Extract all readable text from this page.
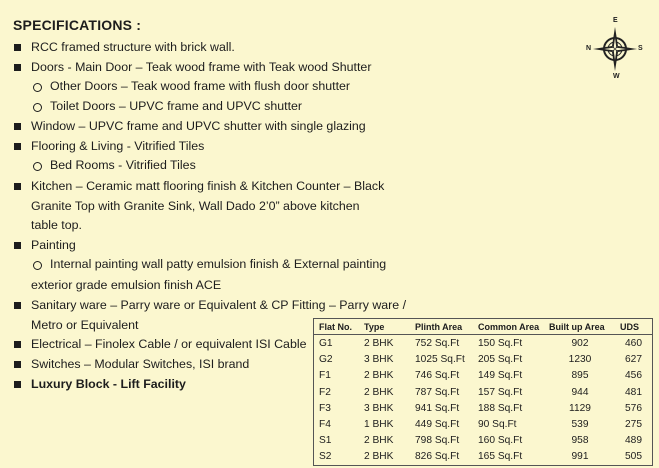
SPECIFICATIONS :	E
S
W
N
RCC framed structure with brick wall.
Doors - Main Door – Teak wood frame with Teak wood Shutter
Other Doors – Teak wood frame with flush door shutter
Toilet Doors – UPVC frame and UPVC shutter
Window – UPVC frame and UPVC shutter with single glazing
Flooring & Living - Vitrified Tiles
Bed Rooms - Vitrified Tiles
Kitchen – Ceramic matt flooring finish & Kitchen Counter – Black
Granite Top with Granite Sink, Wall Dado 2’0” above kitchen
table top.
Painting
Internal painting wall patty emulsion finish & External painting
exterior grade emulsion finish ACE
Sanitary ware – Parry ware or Equivalent & CP Fitting – Parry ware /
Metro or Equivalent
Electrical – Finolex Cable / or equivalent ISI Cable
Switches – Modular Switches, ISI brand
Luxury Block - Lift Facility
Flat No.	Type	Plinth Area	Common Area	Built up Area	UDS
G1	2 BHK	752 Sq.Ft	150 Sq.Ft	902	460
G2	3 BHK	1025 Sq.Ft	205 Sq.Ft	1230	627
F1	2 BHK	746 Sq.Ft	149 Sq.Ft	895	456
F2	2 BHK	787 Sq.Ft	157 Sq.Ft	944	481
F3	3 BHK	941 Sq.Ft	188 Sq.Ft	1129	576
F4	1 BHK	449 Sq.Ft	90 Sq.Ft	539	275
S1	2 BHK	798 Sq.Ft	160 Sq.Ft	958	489
S2	2 BHK	826 Sq.Ft	165 Sq.Ft	991	505
